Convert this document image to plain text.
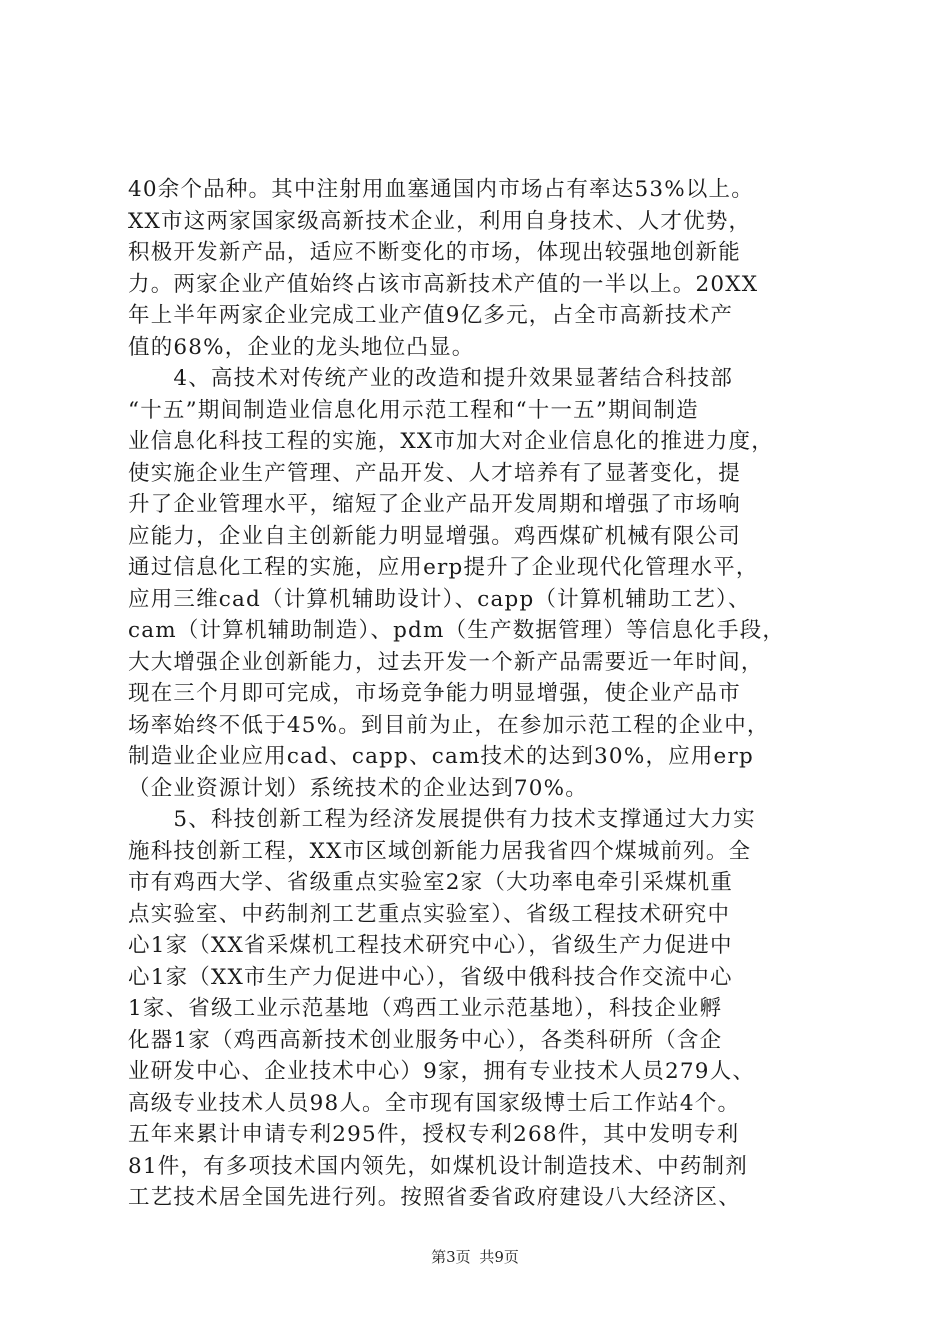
40余个品种。其中注射用血塞通国内市场占有率达53%以上。
XX市这两家国家级高新技术企业，利用自身技术、人才优势，
积极开发新产品，适应不断变化的市场，体现出较强地创新能
力。两家企业产值始终占该市高新技术产值的一半以上。20XX
年上半年两家企业完成工业产值9亿多元，占全市高新技术产
值的68%，企业的龙头地位凸显。
　　4、高技术对传统产业的改造和提升效果显著结合科技部
“十五”期间制造业信息化用示范工程和“十一五”期间制造
业信息化科技工程的实施，XX市加大对企业信息化的推进力度，
使实施企业生产管理、产品开发、人才培养有了显著变化，提
升了企业管理水平，缩短了企业产品开发周期和增强了市场响
应能力，企业自主创新能力明显增强。鸡西煤矿机械有限公司
通过信息化工程的实施，应用erp提升了企业现代化管理水平，
应用三维cad（计算机辅助设计）、capp（计算机辅助工艺）、
cam（计算机辅助制造）、pdm（生产数据管理）等信息化手段，
大大增强企业创新能力，过去开发一个新产品需要近一年时间，
现在三个月即可完成，市场竞争能力明显增强，使企业产品市
场率始终不低于45%。到目前为止，在参加示范工程的企业中，
制造业企业应用cad、capp、cam技术的达到30%，应用erp
（企业资源计划）系统技术的企业达到70%。
　　5、科技创新工程为经济发展提供有力技术支撑通过大力实
施科技创新工程，XX市区域创新能力居我省四个煤城前列。全
市有鸡西大学、省级重点实验室2家（大功率电牵引采煤机重
点实验室、中药制剂工艺重点实验室）、省级工程技术研究中
心1家（XX省采煤机工程技术研究中心），省级生产力促进中
心1家（XX市生产力促进中心），省级中俄科技合作交流中心
1家、省级工业示范基地（鸡西工业示范基地），科技企业孵
化器1家（鸡西高新技术创业服务中心），各类科研所（含企
业研发中心、企业技术中心）9家，拥有专业技术人员279人、
高级专业技术人员98人。全市现有国家级博士后工作站4个。
五年来累计申请专利295件，授权专利268件，其中发明专利
81件，有多项技术国内领先，如煤机设计制造技术、中药制剂
工艺技术居全国先进行列。按照省委省政府建设八大经济区、
第3页 共9页
